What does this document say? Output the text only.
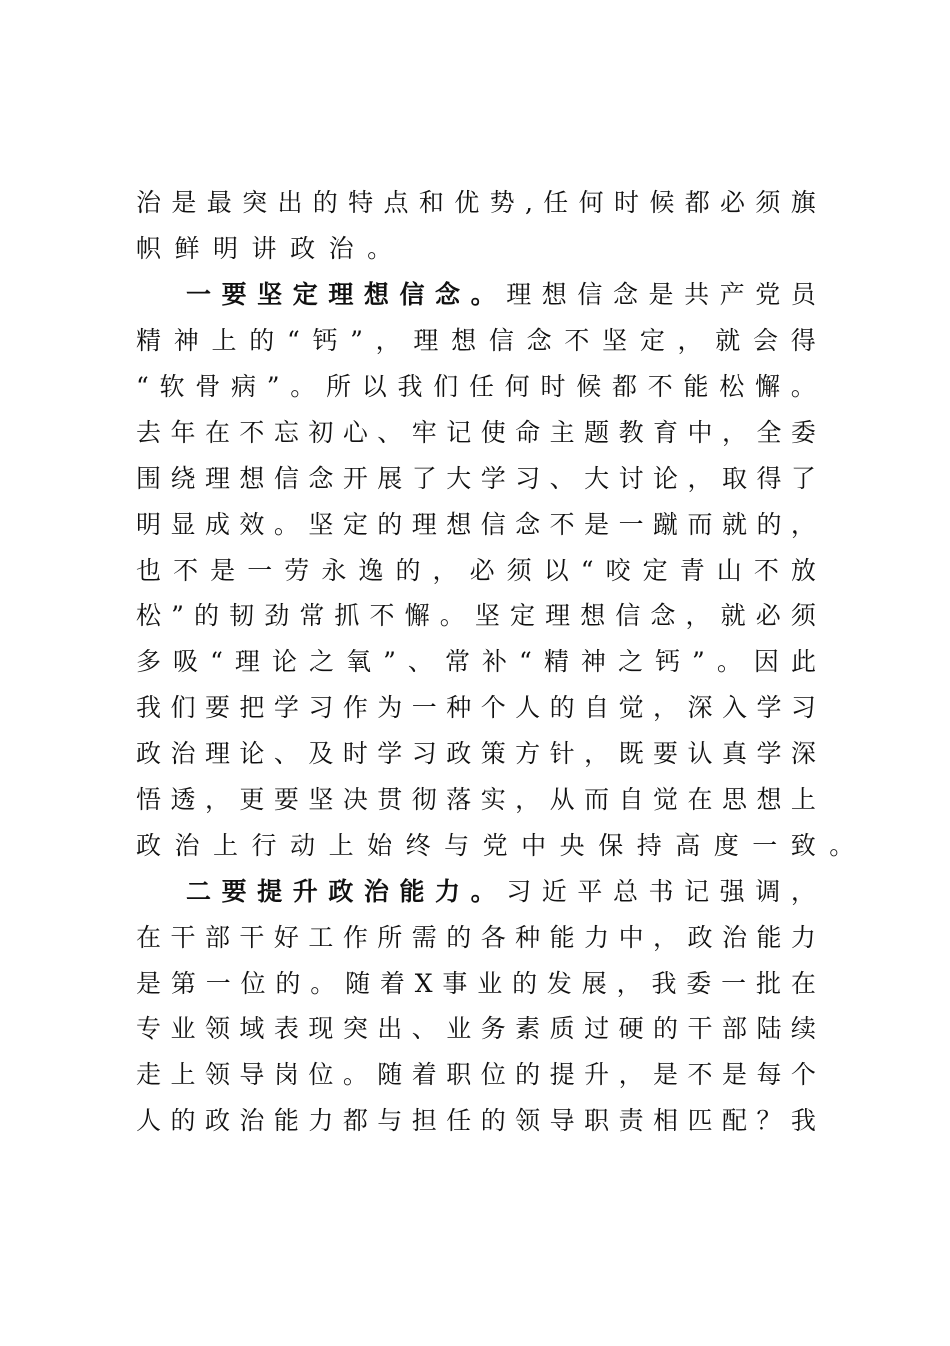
治 是 最 突 出 的 特 点 和 优 势 , 任 何 时 候 都 必 须 旗
帜 鲜 明 讲 政 治 。
一 要 坚 定 理 想 信 念 。 理 想 信 念 是 共 产 党 员
精 神 上 的 “ 钙 ” ， 理 想 信 念 不 坚 定 ， 就 会 得
“ 软 骨 病 ” 。 所 以 我 们 任 何 时 候 都 不 能 松 懈 。
去 年 在 不 忘 初 心 、 牢 记 使 命 主 题 教 育 中 ， 全 委
围 绕 理 想 信 念 开 展 了 大 学 习 、 大 讨 论 ， 取 得 了
明 显 成 效 。 坚 定 的 理 想 信 念 不 是 一 蹴 而 就 的 ，
也 不 是 一 劳 永 逸 的 ， 必 须 以 “ 咬 定 青 山 不 放
松 ” 的 韧 劲 常 抓 不 懈 。 坚 定 理 想 信 念 ， 就 必 须
多 吸 “ 理 论 之 氧 ” 、 常 补 “ 精 神 之 钙 ” 。 因 此
我 们 要 把 学 习 作 为 一 种 个 人 的 自 觉 ， 深 入 学 习
政 治 理 论 、 及 时 学 习 政 策 方 针 ， 既 要 认 真 学 深
悟 透 ， 更 要 坚 决 贯 彻 落 实 ， 从 而 自 觉 在 思 想 上
政 治 上 行 动 上 始 终 与 党 中 央 保 持 高 度 一 致 。
二 要 提 升 政 治 能 力 。 习 近 平 总 书 记 强 调 ，
在 干 部 干 好 工 作 所 需 的 各 种 能 力 中 ， 政 治 能 力
是 第 一 位 的 。 随 着 X 事 业 的 发 展 ， 我 委 一 批 在
专 业 领 域 表 现 突 出 、 业 务 素 质 过 硬 的 干 部 陆 续
走 上 领 导 岗 位 。 随 着 职 位 的 提 升 ， 是 不 是 每 个
人 的 政 治 能 力 都 与 担 任 的 领 导 职 责 相 匹 配 ？ 我
